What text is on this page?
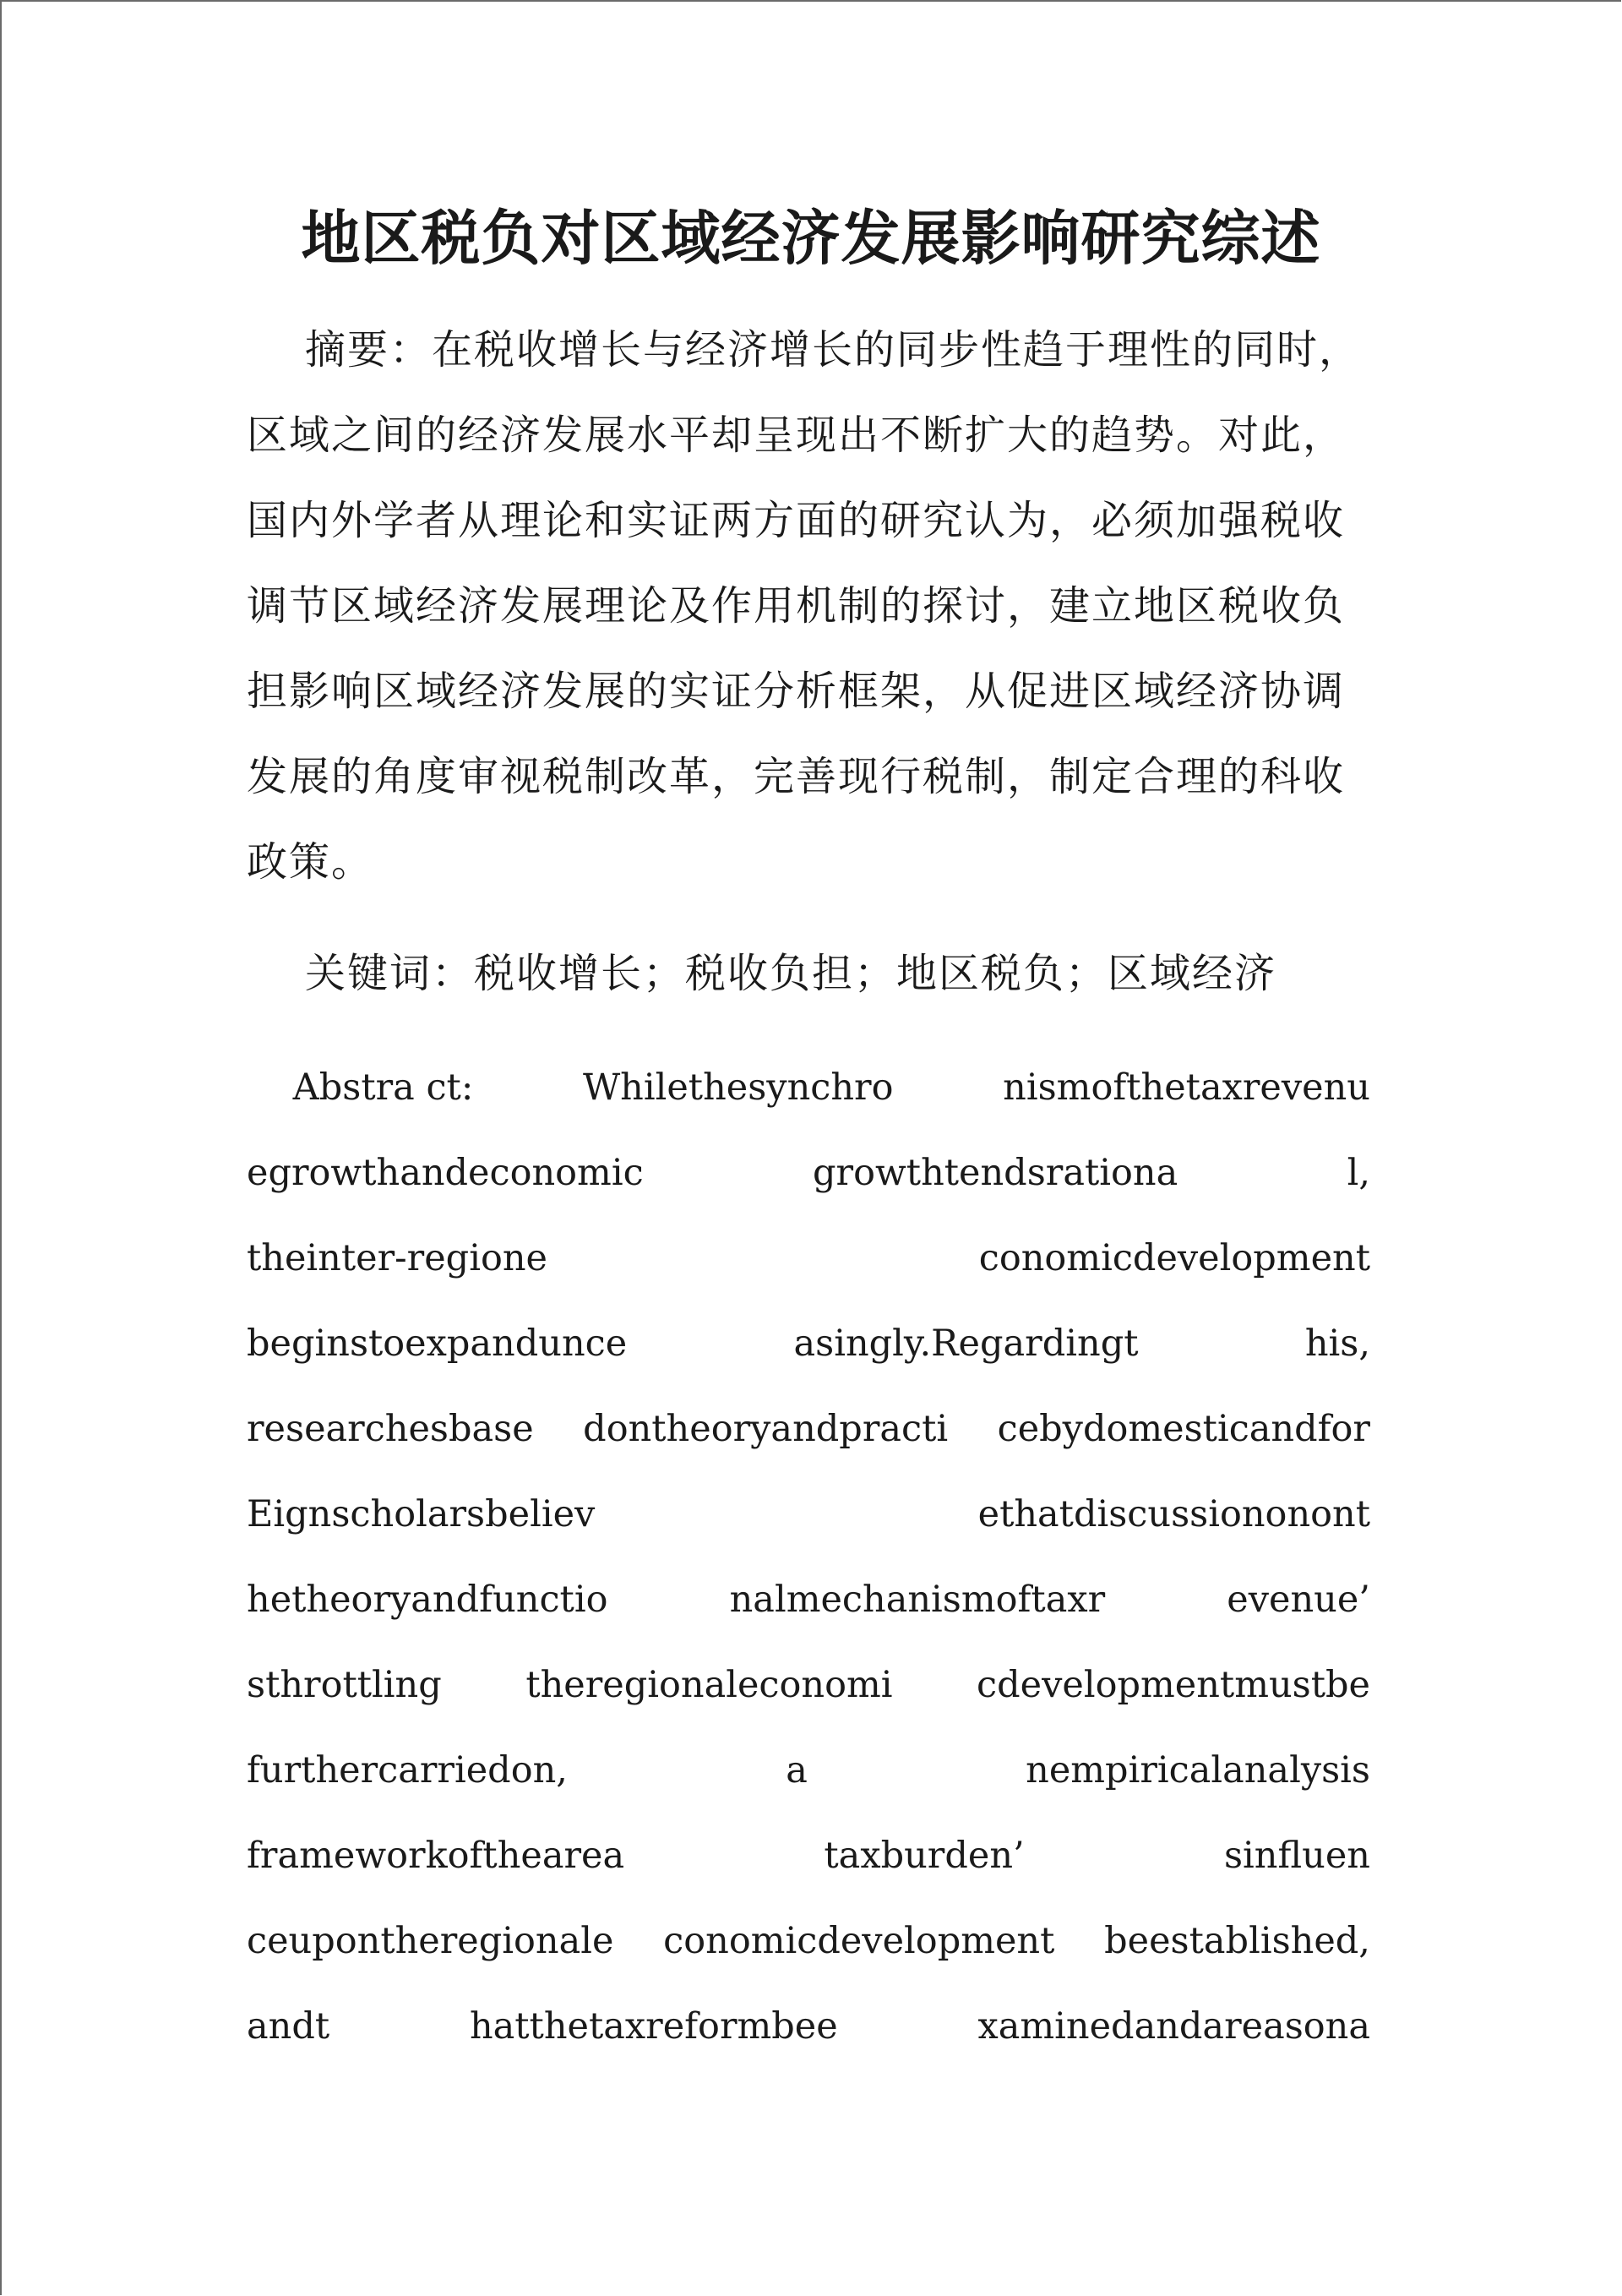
地区税负对区域经济发展影响研究综述
摘要：在税收增长与经济增长的同步性趋于理性的同时，
区域之间的经济发展水平却呈现出不断扩大的趋势。对此，
国内外学者从理论和实证两方面的研究认为，必须加强税收
调节区域经济发展理论及作用机制的探讨，建立地区税收负
担影响区域经济发展的实证分析框架，从促进区域经济协调
发展的角度审视税制改革，完善现行税制，制定合理的科收
政策。
关键词：税收增长；税收负担；地区税负；区域经济
Abstra ct:	Whilethesynchro	nismofthetaxrevenu
egrowthandeconomic	growthtendsrationa	l,
theinter-regione	conomicdevelopment
beginstoexpandunce	asingly.Regardingt	his,
researchesbase dontheoryandpracti cebydomesticandfor
Eignscholarsbeliev	ethatdiscussiononont
hetheoryandfunctio	nalmechanismoftaxr	evenue’
sthrottling theregionaleconomi cdevelopmentmustbe
furthercarriedon,	a	nempiricalanalysis
frameworkofthearea	taxburden’	sinfluen
ceupontheregionale conomicdevelopment beestablished,
andt	hatthetaxreformbee	xaminedandareasona
